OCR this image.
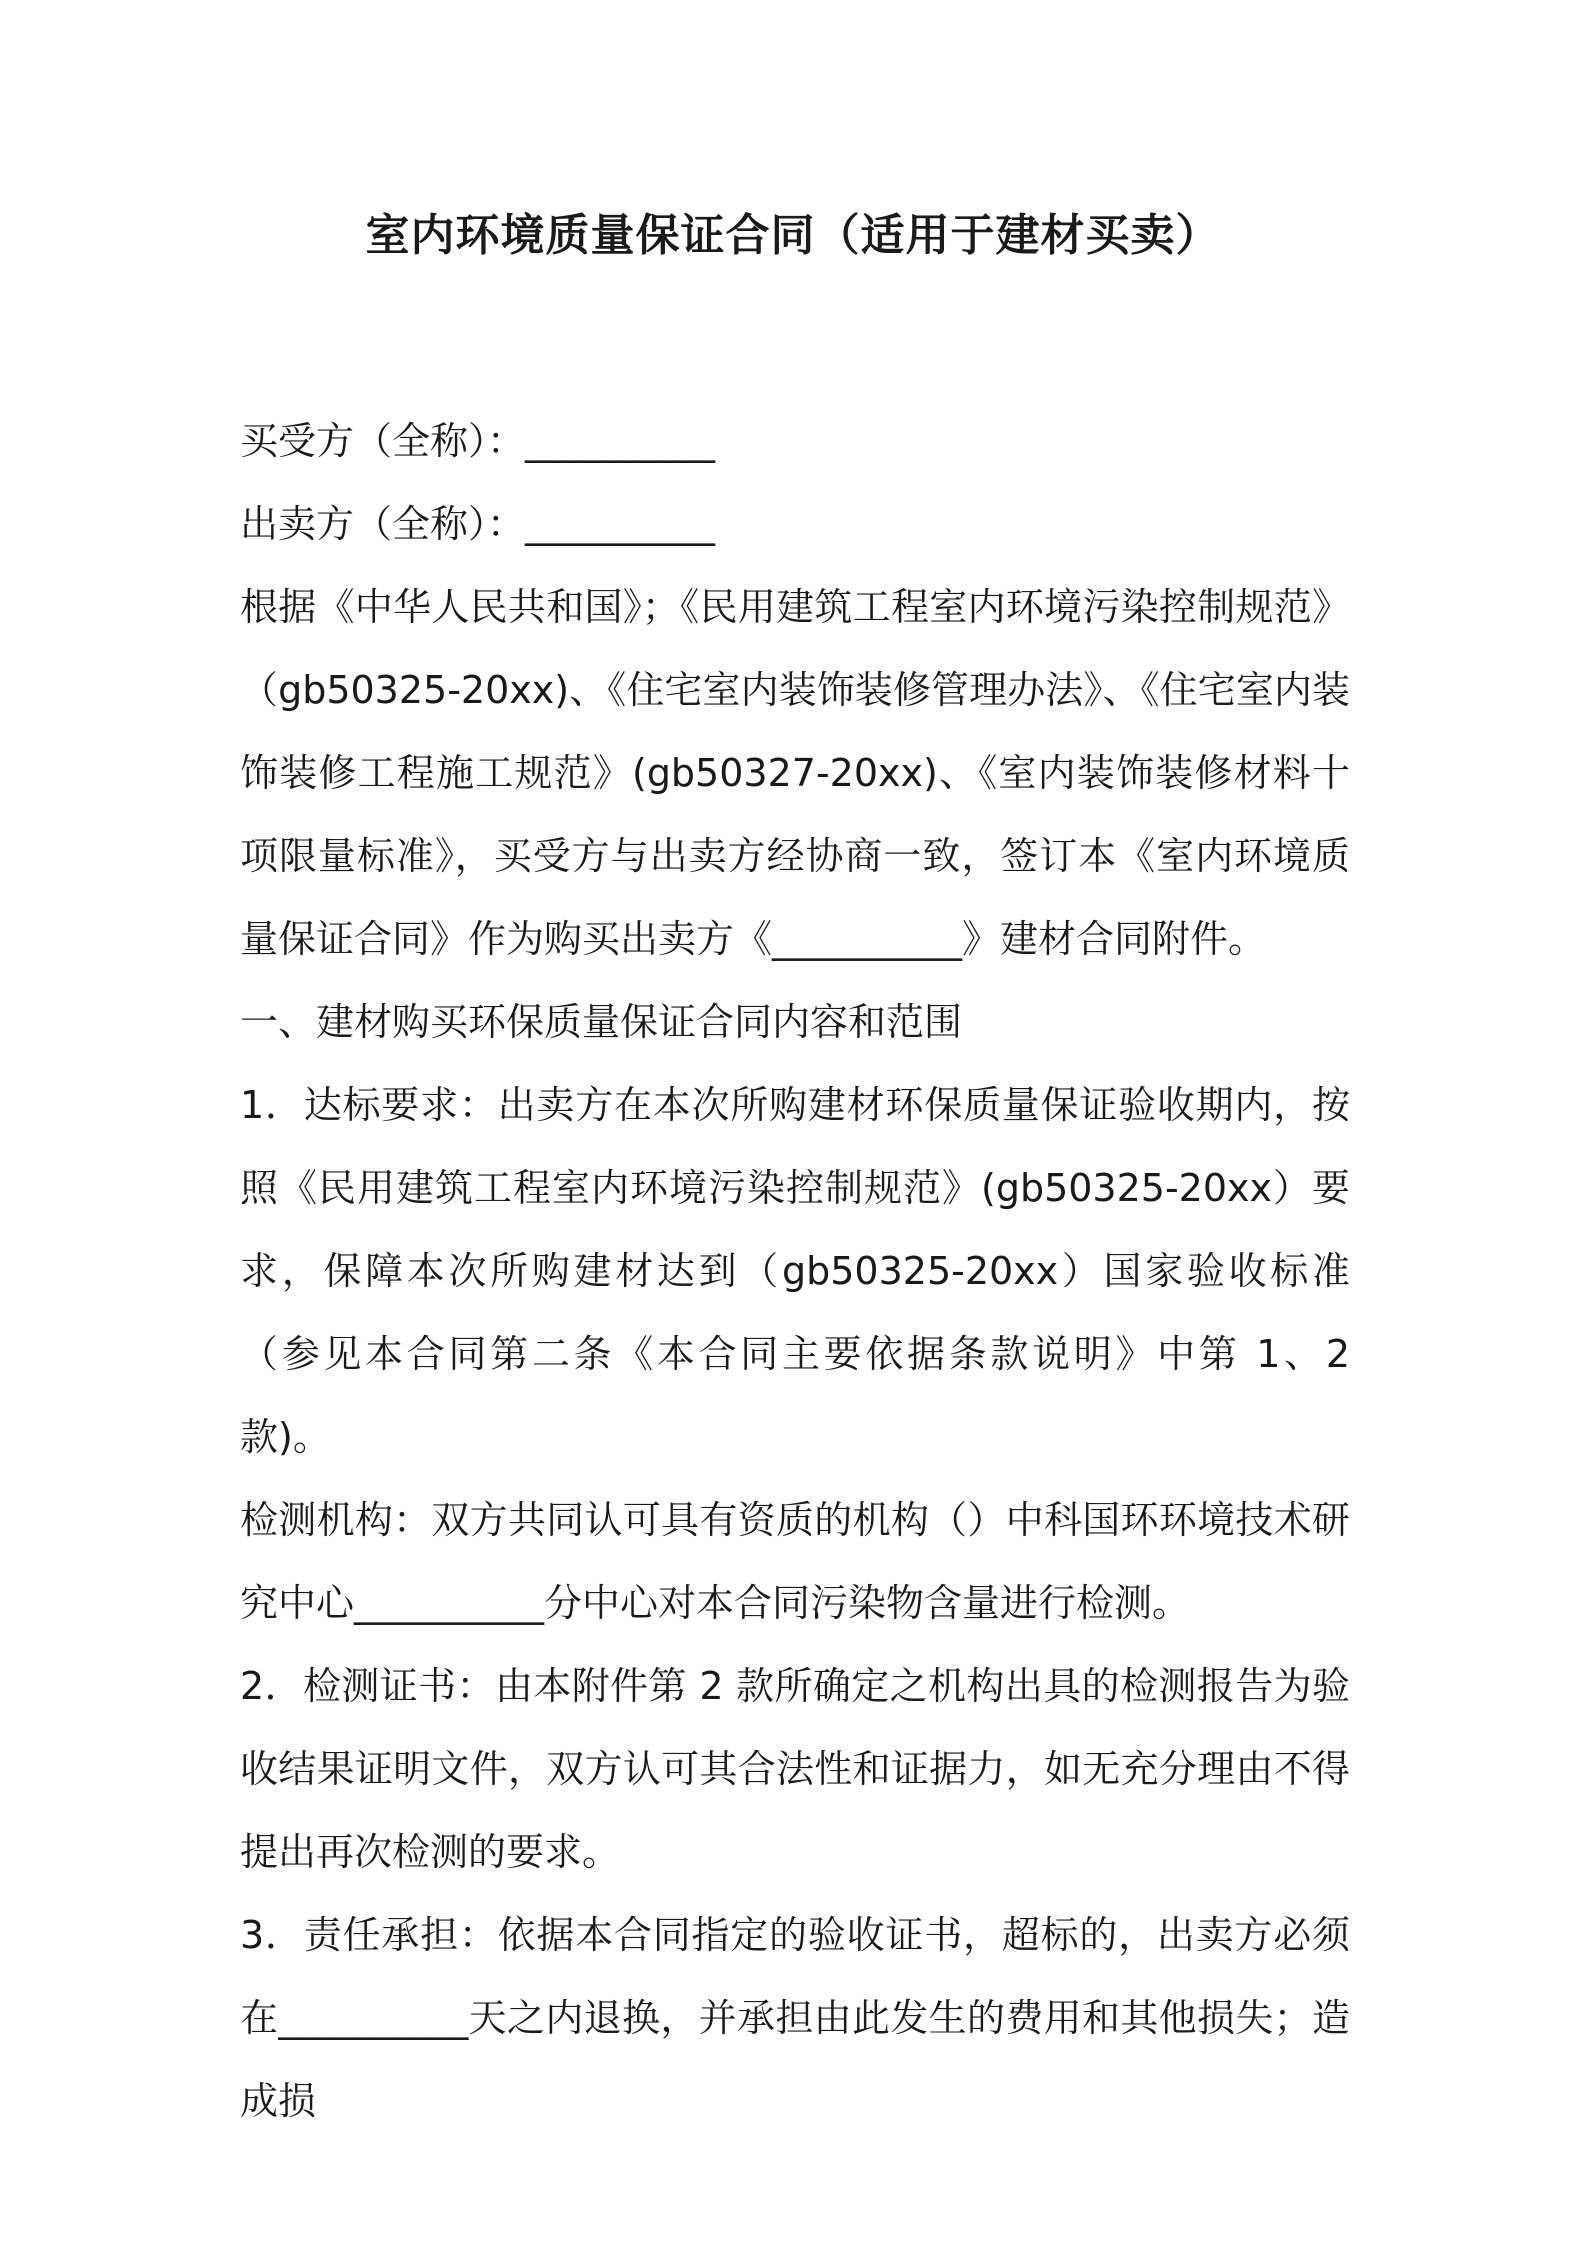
室内环境质量保证合同（适用于建材买卖）

买受方（全称）：__________

出卖方（全称）：__________

根据《中华人民共和国》；《民用建筑工程室内环境污染控制规范》（gb50325-20xx)、《住宅室内装饰装修管理办法》、《住宅室内装饰装修工程施工规范》(gb50327-20xx)、《室内装饰装修材料十项限量标准》，买受方与出卖方经协商一致，签订本《室内环境质量保证合同》作为购买出卖方《__________》建材合同附件。

一、建材购买环保质量保证合同内容和范围

1．达标要求：出卖方在本次所购建材环保质量保证验收期内，按照《民用建筑工程室内环境污染控制规范》(gb50325-20xx）要求，保障本次所购建材达到（gb50325-20xx）国家验收标准（参见本合同第二条《本合同主要依据条款说明》中第 1、2 款)。

检测机构：双方共同认可具有资质的机构（）中科国环环境技术研究中心__________分中心对本合同污染物含量进行检测。

2．检测证书：由本附件第 2 款所确定之机构出具的检测报告为验收结果证明文件，双方认可其合法性和证据力，如无充分理由不得提出再次检测的要求。

3．责任承担：依据本合同指定的验收证书，超标的，出卖方必须在__________天之内退换，并承担由此发生的费用和其他损失；造成损
